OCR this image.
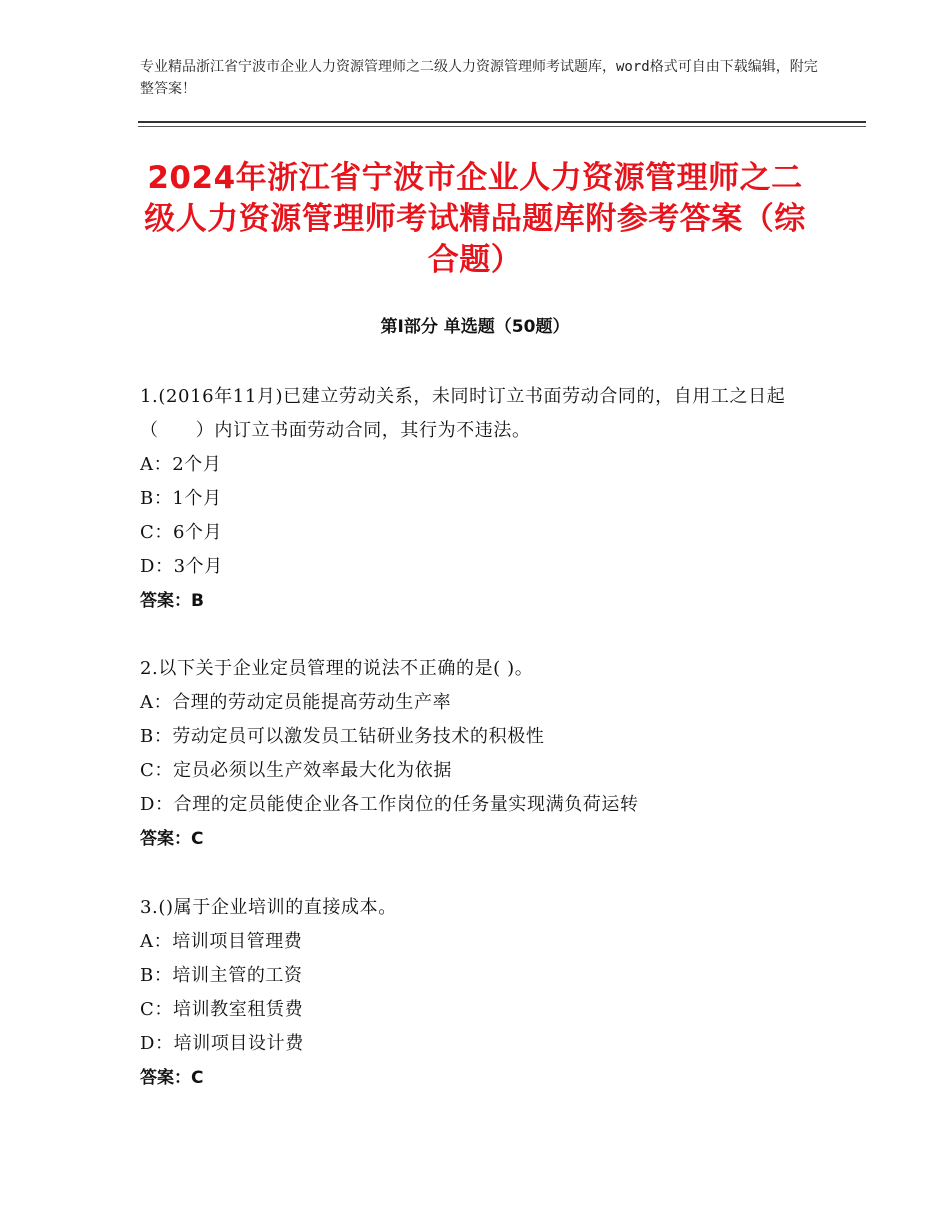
专业精品浙江省宁波市企业人力资源管理师之二级人力资源管理师考试题库，word格式可自由下载编辑，附完整答案！
2024年浙江省宁波市企业人力资源管理师之二级人力资源管理师考试精品题库附参考答案（综合题）
第Ⅰ部分 单选题（50题）

1.(2016年11月)已建立劳动关系，未同时订立书面劳动合同的，自用工之日起（　　）内订立书面劳动合同，其行为不违法。

A：2个月

B：1个月

C：6个月

D：3个月

答案：B

2.以下关于企业定员管理的说法不正确的是( )。

A：合理的劳动定员能提高劳动生产率

B：劳动定员可以激发员工钻研业务技术的积极性

C：定员必须以生产效率最大化为依据

D：合理的定员能使企业各工作岗位的任务量实现满负荷运转

答案：C

3.()属于企业培训的直接成本。

A：培训项目管理费

B：培训主管的工资

C：培训教室租赁费

D：培训项目设计费

答案：C
